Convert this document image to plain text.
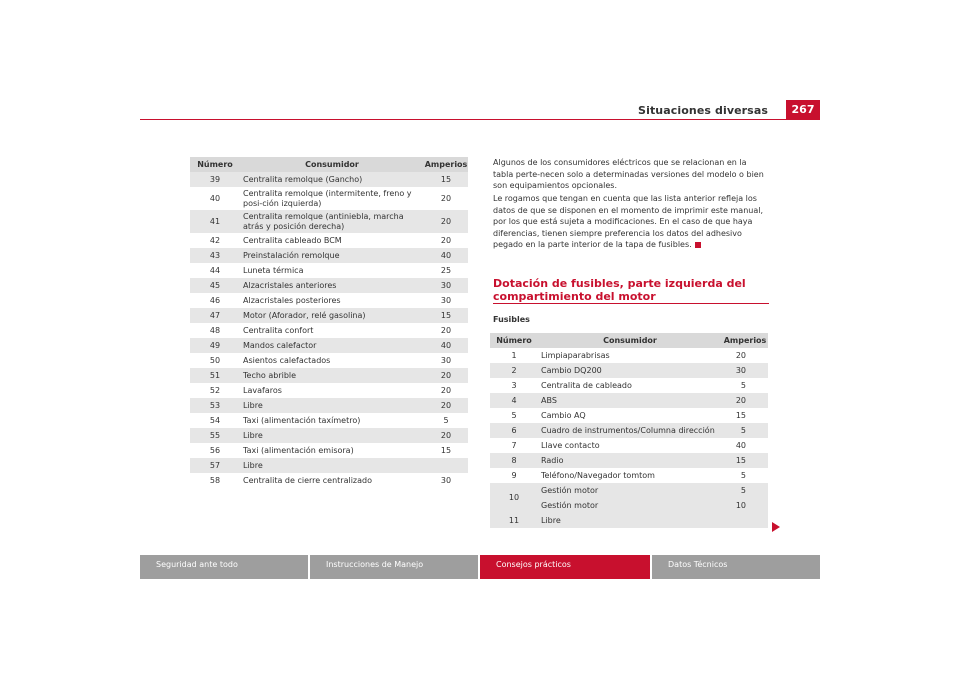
Situaciones diversas	267
Número	Consumidor	Amperios
39	Centralita remolque (Gancho)	15
40	Centralita remolque (intermitente, freno y posi-ción izquierda)	20
41	Centralita remolque (antiniebla, marcha atrás y posición derecha)	20
42	Centralita cableado BCM	20
43	Preinstalación remolque	40
44	Luneta térmica	25
45	Alzacristales anteriores	30
46	Alzacristales posteriores	30
47	Motor (Aforador, relé gasolina)	15
48	Centralita confort	20
49	Mandos calefactor	40
50	Asientos calefactados	30
51	Techo abrible	20
52	Lavafaros	20
53	Libre	20
54	Taxi (alimentación taxímetro)	5
55	Libre	20
56	Taxi (alimentación emisora)	15
57	Libre	
58	Centralita de cierre centralizado	30

Algunos de los consumidores eléctricos que se relacionan en la tabla perte-necen solo a determinadas versiones del modelo o bien son equipamientos opcionales.

Le rogamos que tengan en cuenta que las lista anterior refleja los datos de que se disponen en el momento de imprimir este manual, por los que está sujeta a modificaciones. En el caso de que haya diferencias, tienen siempre preferencia los datos del adhesivo pegado en la parte interior de la tapa de fusibles.

Dotación de fusibles, parte izquierda del compartimiento del motor
Fusibles
Número	Consumidor	Amperios
1	Limpiaparabrisas	20
2	Cambio DQ200	30
3	Centralita de cableado	5
4	ABS	20
5	Cambio AQ	15
6	Cuadro de instrumentos/Columna dirección	5
7	Llave contacto	40
8	Radio	15
9	Teléfono/Navegador tomtom	5
10	Gestión motor	5
	Gestión motor	10
11	Libre	
Seguridad ante todo	Instrucciones de Manejo	Consejos prácticos	Datos Técnicos
